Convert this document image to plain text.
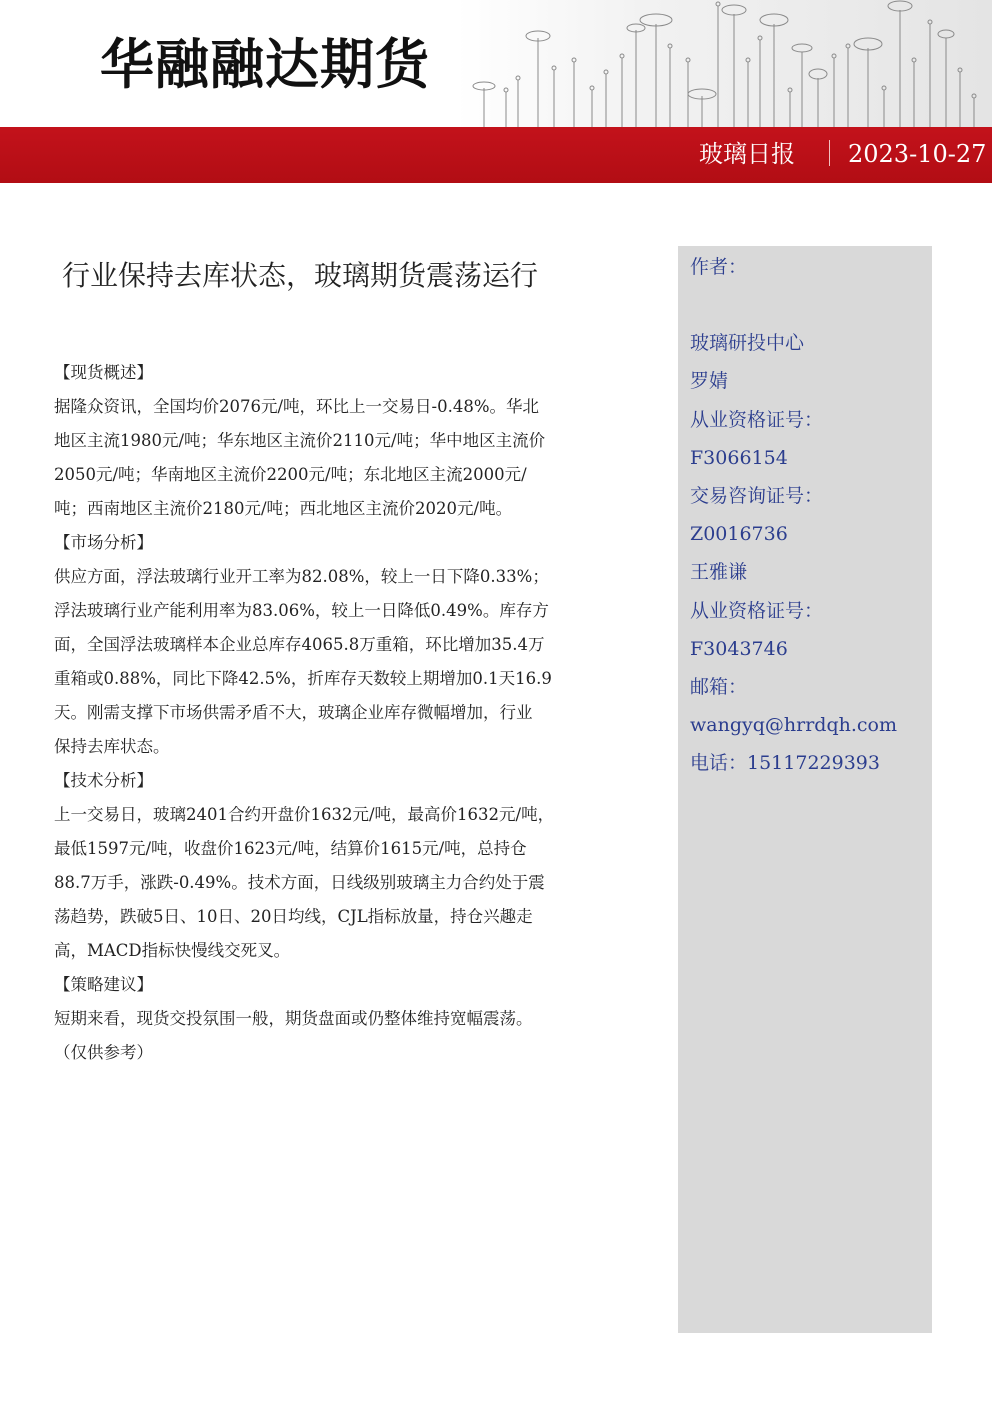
华融融达期货
玻璃日报 2023-10-27
行业保持去库状态，玻璃期货震荡运行

【现货概述】

据隆众资讯，全国均价2076元/吨，环比上一交易日-0.48%。华北

地区主流1980元/吨；华东地区主流价2110元/吨；华中地区主流价

2050元/吨；华南地区主流价2200元/吨；东北地区主流2000元/

吨；西南地区主流价2180元/吨；西北地区主流价2020元/吨。

【市场分析】

供应方面，浮法玻璃行业开工率为82.08%，较上一日下降0.33%；

浮法玻璃行业产能利用率为83.06%，较上一日降低0.49%。库存方

面，全国浮法玻璃样本企业总库存4065.8万重箱，环比增加35.4万

重箱或0.88%，同比下降42.5%，折库存天数较上期增加0.1天16.9

天。刚需支撑下市场供需矛盾不大，玻璃企业库存微幅增加，行业

保持去库状态。

【技术分析】

上一交易日，玻璃2401合约开盘价1632元/吨，最高价1632元/吨，

最低1597元/吨，收盘价1623元/吨，结算价1615元/吨，总持仓

88.7万手，涨跌-0.49%。技术方面，日线级别玻璃主力合约处于震

荡趋势，跌破5日、10日、20日均线，CJL指标放量，持仓兴趣走

高，MACD指标快慢线交死叉。

【策略建议】

短期来看，现货交投氛围一般，期货盘面或仍整体维持宽幅震荡。

（仅供参考）

作者：
玻璃研投中心
罗婧
从业资格证号：
F3066154
交易咨询证号：
Z0016736
王雅谦
从业资格证号：
F3043746
邮箱：
wangyq@hrrdqh.com
电话：15117229393
